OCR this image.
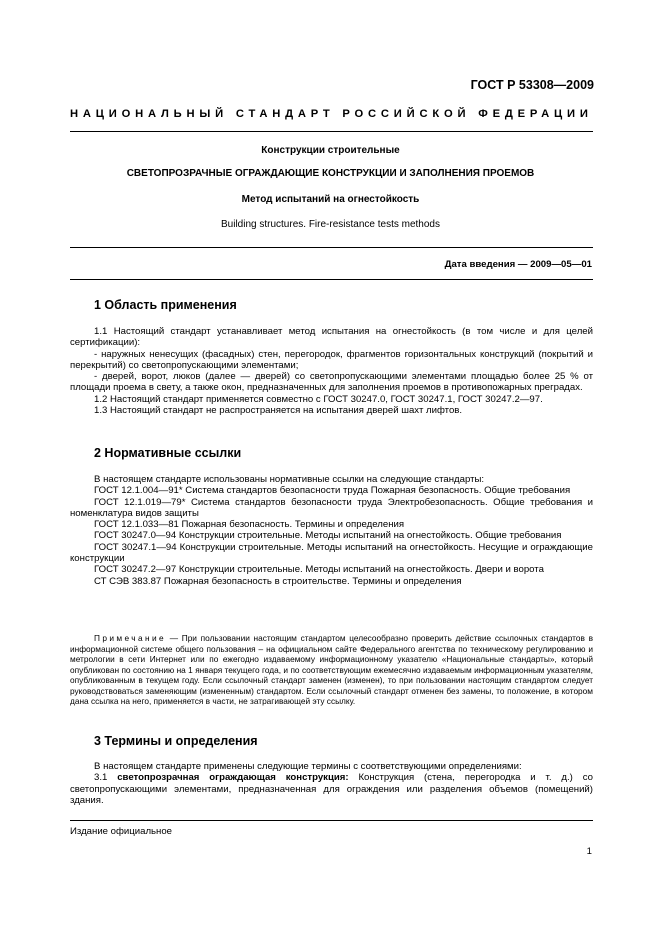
ГОСТ Р 53308—2009
НАЦИОНАЛЬНЫЙ СТАНДАРТ РОССИЙСКОЙ ФЕДЕРАЦИИ
Конструкции строительные
СВЕТОПРОЗРАЧНЫЕ ОГРАЖДАЮЩИЕ КОНСТРУКЦИИ И ЗАПОЛНЕНИЯ ПРОЕМОВ
Метод испытаний на огнестойкость
Building structures. Fire-resistance tests methods
Дата введения — 2009—05—01
1 Область применения

1.1 Настоящий стандарт устанавливает метод испытания на огнестойкость (в том числе и для целей сертификации):

- наружных ненесущих (фасадных) стен, перегородок, фрагментов горизонтальных конструкций (покрытий и перекрытий) со светопропускающими элементами;

- дверей, ворот, люков (далее — дверей) со светопропускающими элементами площадью более 25 % от площади проема в свету, а также окон, предназначенных для заполнения проемов в противопожарных преградах.

1.2 Настоящий стандарт применяется совместно с ГОСТ 30247.0, ГОСТ 30247.1, ГОСТ 30247.2—97.

1.3 Настоящий стандарт не распространяется на испытания дверей шахт лифтов.

2 Нормативные ссылки

В настоящем стандарте использованы нормативные ссылки на следующие стандарты:

ГОСТ 12.1.004—91* Система стандартов безопасности труда Пожарная безопасность. Общие требования

ГОСТ 12.1.019—79* Система стандартов безопасности труда Электробезопасность. Общие требования и номенклатура видов защиты

ГОСТ 12.1.033—81 Пожарная безопасность. Термины и определения

ГОСТ 30247.0—94 Конструкции строительные. Методы испытаний на огнестойкость. Общие требования

ГОСТ 30247.1—94 Конструкции строительные. Методы испытаний на огнестойкость. Несущие и ограждающие конструкции

ГОСТ 30247.2—97 Конструкции строительные. Методы испытаний на огнестойкость. Двери и ворота

СТ СЭВ 383.87 Пожарная безопасность в строительстве. Термины и определения

Примечание — При пользовании настоящим стандартом целесообразно проверить действие ссылочных стандартов в информационной системе общего пользования – на официальном сайте Федерального агентства по техническому регулированию и метрологии в сети Интернет или по ежегодно издаваемому информационному указателю «Национальные стандарты», который опубликован по состоянию на 1 января текущего года, и по соответствующим ежемесячно издаваемым информационным указателям, опубликованным в текущем году. Если ссылочный стандарт заменен (изменен), то при пользовании настоящим стандартом следует руководствоваться заменяющим (измененным) стандартом. Если ссылочный стандарт отменен без замены, то положение, в котором дана ссылка на него, применяется в части, не затрагивающей эту ссылку.

3 Термины и определения

В настоящем стандарте применены следующие термины с соответствующими определениями:

3.1 светопрозрачная ограждающая конструкция: Конструкция (стена, перегородка и т. д.) со светопропускающими элементами, предназначенная для ограждения или разделения объемов (помещений) здания.

Издание официальное
1
